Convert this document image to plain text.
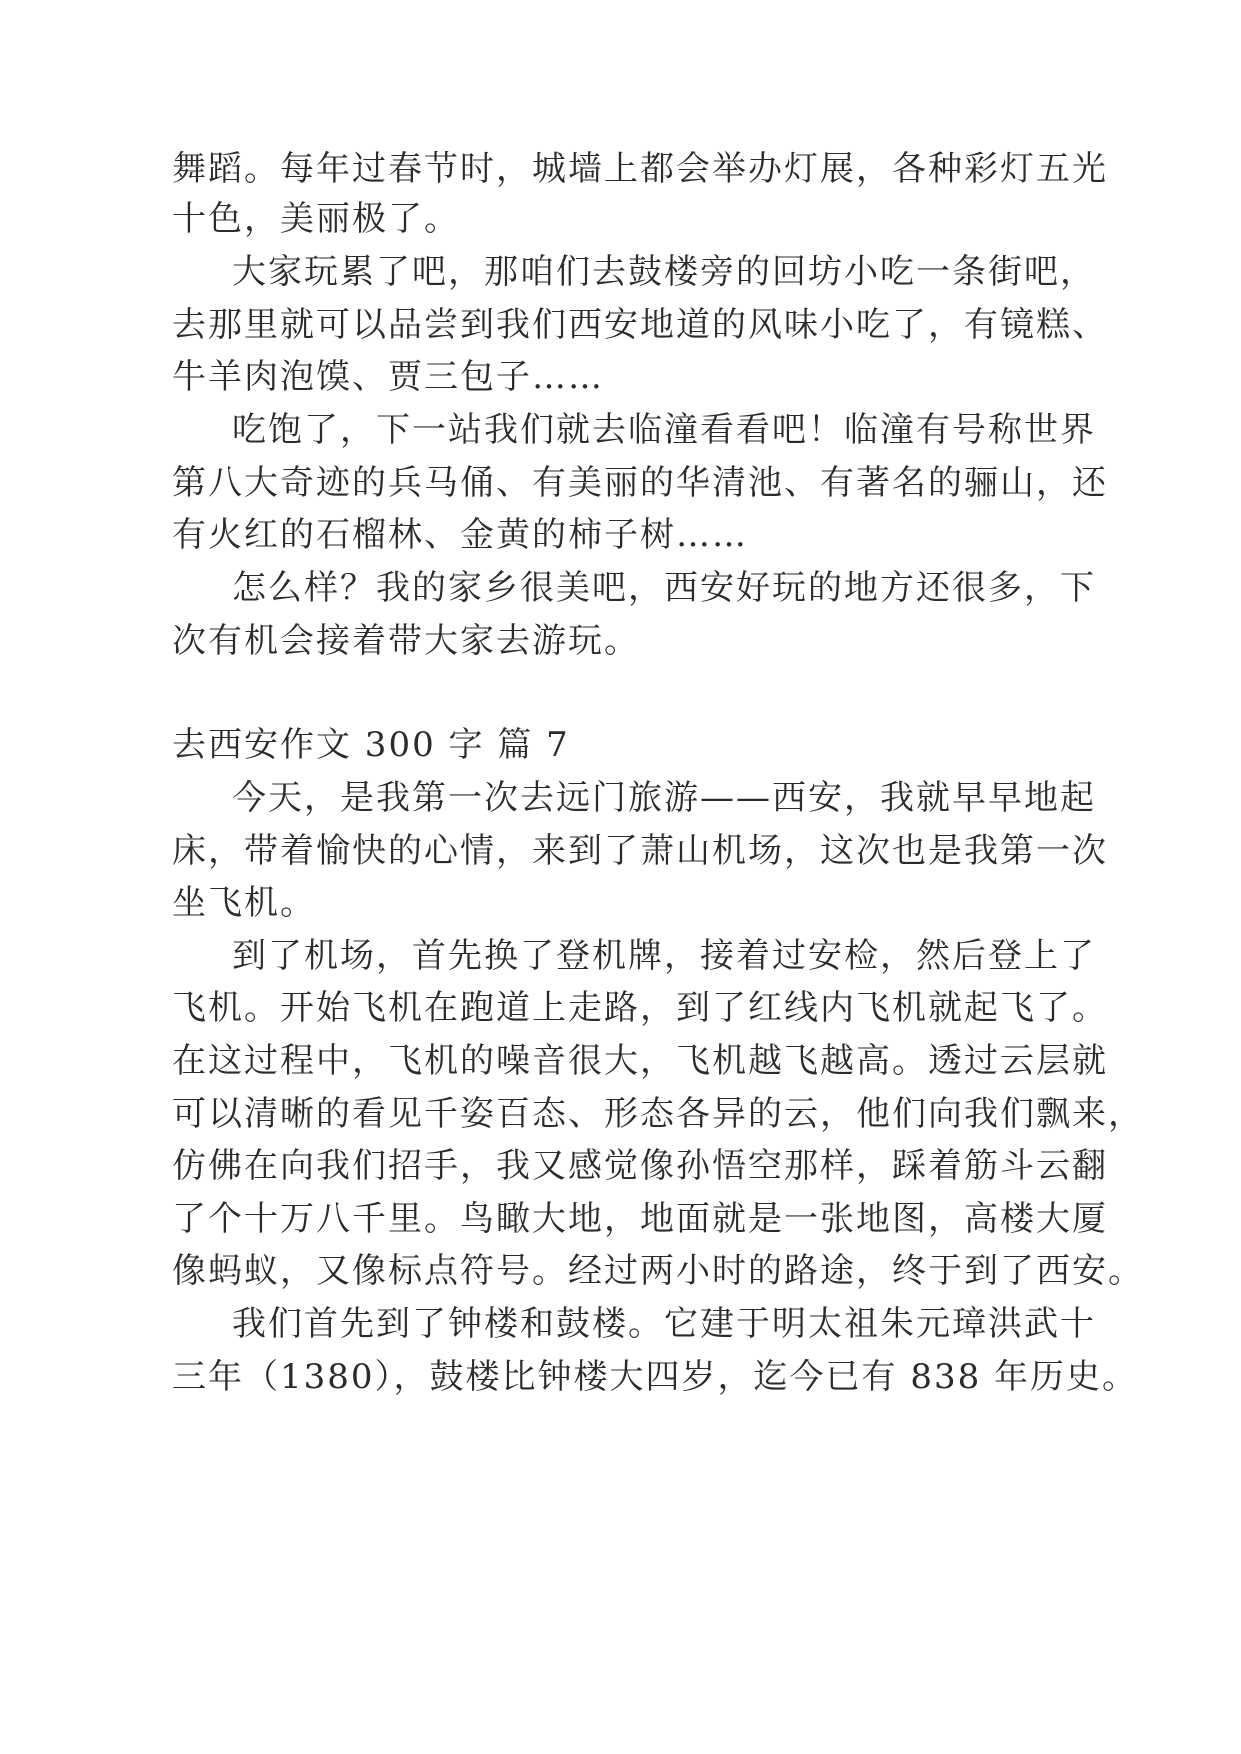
舞蹈。每年过春节时，城墙上都会举办灯展，各种彩灯五光

十色，美丽极了。

大家玩累了吧，那咱们去鼓楼旁的回坊小吃一条街吧，

去那里就可以品尝到我们西安地道的风味小吃了，有镜糕、

牛羊肉泡馍、贾三包子……

吃饱了，下一站我们就去临潼看看吧！临潼有号称世界

第八大奇迹的兵马俑、有美丽的华清池、有著名的骊山，还

有火红的石榴林、金黄的柿子树……

怎么样？我的家乡很美吧，西安好玩的地方还很多，下

次有机会接着带大家去游玩。

去西安作文 300 字 篇 7

今天，是我第一次去远门旅游——西安，我就早早地起

床，带着愉快的心情，来到了萧山机场，这次也是我第一次

坐飞机。

到了机场，首先换了登机牌，接着过安检，然后登上了

飞机。开始飞机在跑道上走路，到了红线内飞机就起飞了。

在这过程中，飞机的噪音很大，飞机越飞越高。透过云层就

可以清晰的看见千姿百态、形态各异的云，他们向我们飘来，

仿佛在向我们招手，我又感觉像孙悟空那样，踩着筋斗云翻

了个十万八千里。鸟瞰大地，地面就是一张地图，高楼大厦

像蚂蚁，又像标点符号。经过两小时的路途，终于到了西安。

我们首先到了钟楼和鼓楼。它建于明太祖朱元璋洪武十

三年（1380），鼓楼比钟楼大四岁，迄今已有 838 年历史。
